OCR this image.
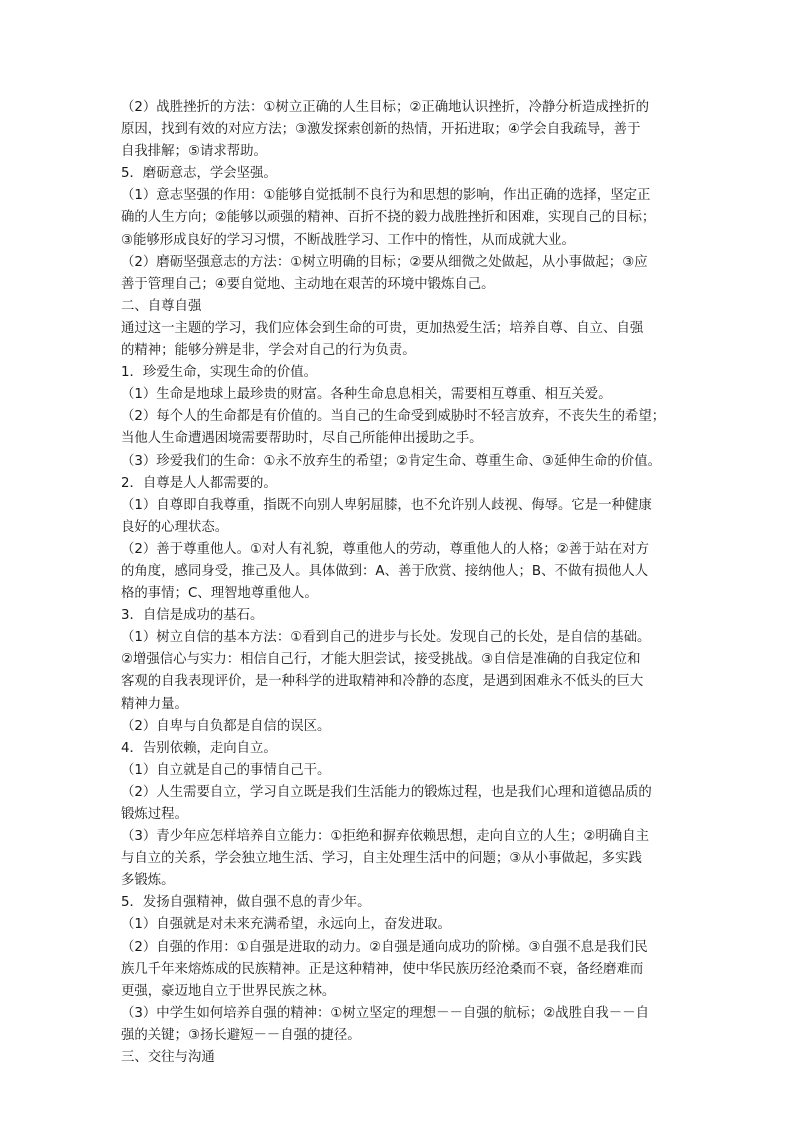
（2）战胜挫折的方法：①树立正确的人生目标；②正确地认识挫折，冷静分析造成挫折的
原因，找到有效的对应方法；③激发探索创新的热情，开拓进取；④学会自我疏导，善于
自我排解；⑤请求帮助。
5．磨砺意志，学会坚强。
（1）意志坚强的作用：①能够自觉抵制不良行为和思想的影响，作出正确的选择，坚定正
确的人生方向；②能够以顽强的精神、百折不挠的毅力战胜挫折和困难，实现自己的目标；
③能够形成良好的学习习惯，不断战胜学习、工作中的惰性，从而成就大业。
（2）磨砺坚强意志的方法：①树立明确的目标；②要从细微之处做起，从小事做起；③应
善于管理自己；④要自觉地、主动地在艰苦的环境中锻炼自己。
二、自尊自强
通过这一主题的学习，我们应体会到生命的可贵，更加热爱生活；培养自尊、自立、自强
的精神；能够分辨是非，学会对自己的行为负责。
1．珍爱生命，实现生命的价值。
（1）生命是地球上最珍贵的财富。各种生命息息相关，需要相互尊重、相互关爱。
（2）每个人的生命都是有价值的。当自己的生命受到威胁时不轻言放弃，不丧失生的希望；
当他人生命遭遇困境需要帮助时，尽自己所能伸出援助之手。
（3）珍爱我们的生命：①永不放弃生的希望；②肯定生命、尊重生命、③延伸生命的价值。
2．自尊是人人都需要的。
（1）自尊即自我尊重，指既不向别人卑躬屈膝，也不允许别人歧视、侮辱。它是一种健康
良好的心理状态。
（2）善于尊重他人。①对人有礼貌，尊重他人的劳动，尊重他人的人格；②善于站在对方
的角度，感同身受，推己及人。具体做到：A、善于欣赏、接纳他人；B、不做有损他人人
格的事情；C、理智地尊重他人。
3．自信是成功的基石。
（1）树立自信的基本方法：①看到自己的进步与长处。发现自己的长处，是自信的基础。
②增强信心与实力：相信自己行，才能大胆尝试，接受挑战。③自信是准确的自我定位和
客观的自我表现评价，是一种科学的进取精神和冷静的态度，是遇到困难永不低头的巨大
精神力量。
（2）自卑与自负都是自信的误区。
4．告别依赖，走向自立。
（1）自立就是自己的事情自己干。
（2）人生需要自立，学习自立既是我们生活能力的锻炼过程，也是我们心理和道德品质的
锻炼过程。
（3）青少年应怎样培养自立能力：①拒绝和摒弃依赖思想，走向自立的人生；②明确自主
与自立的关系，学会独立地生活、学习，自主处理生活中的问题；③从小事做起，多实践
多锻炼。
5．发扬自强精神，做自强不息的青少年。
（1）自强就是对未来充满希望，永远向上，奋发进取。
（2）自强的作用：①自强是进取的动力。②自强是通向成功的阶梯。③自强不息是我们民
族几千年来熔炼成的民族精神。正是这种精神，使中华民族历经沧桑而不衰，备经磨难而
更强，豪迈地自立于世界民族之林。
（3）中学生如何培养自强的精神：①树立坚定的理想－－自强的航标；②战胜自我－－自
强的关键；③扬长避短－－自强的捷径。
三、交往与沟通
